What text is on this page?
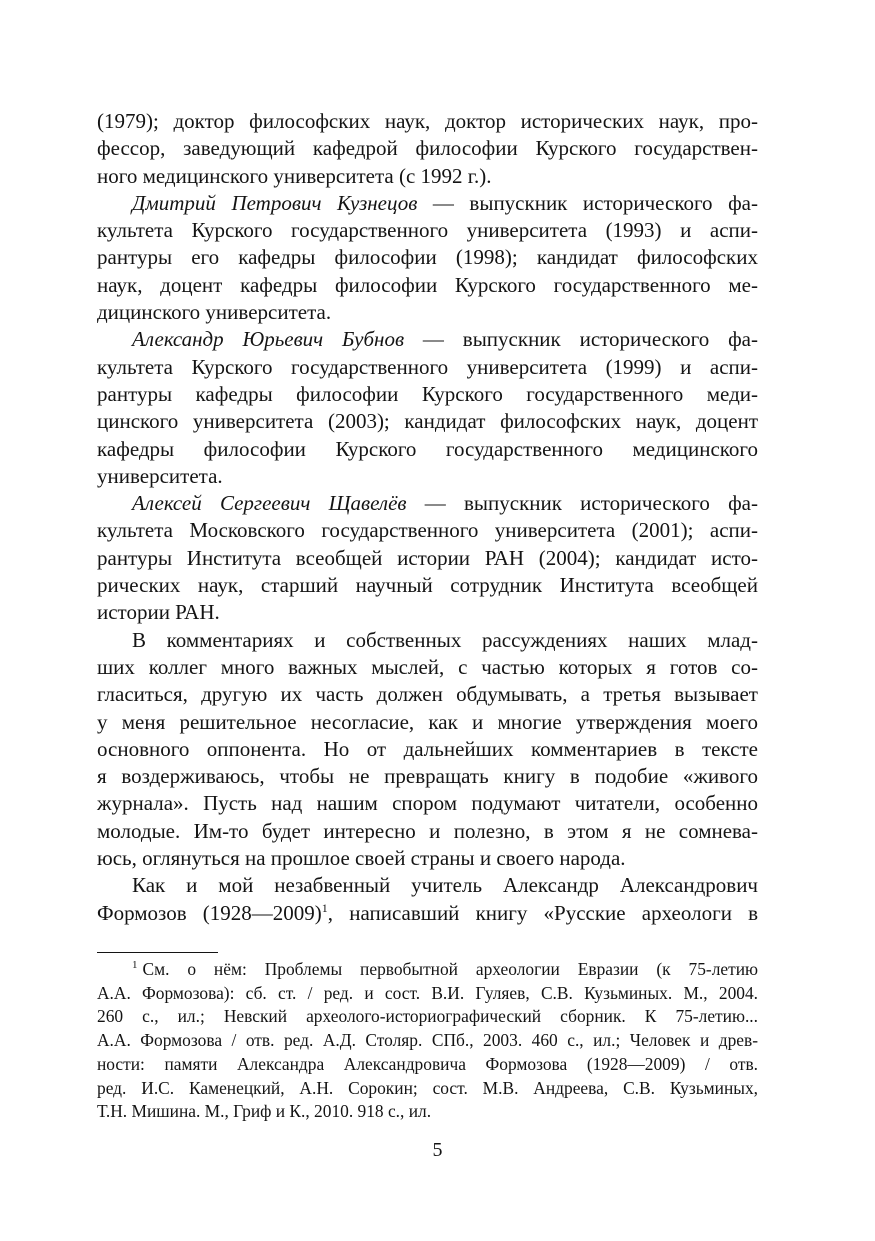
(1979); доктор философских наук, доктор исторических наук, про-
фессор, заведующий кафедрой философии Курского государствен-
ного медицинского университета (с 1992 г.).

Дмитрий Петрович Кузнецов — выпускник исторического фа-
культета Курского государственного университета (1993) и аспи-
рантуры его кафедры философии (1998); кандидат философских
наук, доцент кафедры философии Курского государственного ме-
дицинского университета.

Александр Юрьевич Бубнов — выпускник исторического фа-
культета Курского государственного университета (1999) и аспи-
рантуры кафедры философии Курского государственного меди-
цинского университета (2003); кандидат философских наук, доцент
кафедры философии Курского государственного медицинского
университета.

Алексей Сергеевич Щавелёв — выпускник исторического фа-
культета Московского государственного университета (2001); аспи-
рантуры Института всеобщей истории РАН (2004); кандидат исто-
рических наук, старший научный сотрудник Института всеобщей
истории РАН.

В комментариях и собственных рассуждениях наших млад-
ших коллег много важных мыслей, с частью которых я готов со-
гласиться, другую их часть должен обдумывать, а третья вызывает
у меня решительное несогласие, как и многие утверждения моего
основного оппонента. Но от дальнейших комментариев в тексте
я воздерживаюсь, чтобы не превращать книгу в подобие «живого
журнала». Пусть над нашим спором подумают читатели, особенно
молодые. Им-то будет интересно и полезно, в этом я не сомнева-
юсь, оглянуться на прошлое своей страны и своего народа.

Как и мой незабвенный учитель Александр Александрович
Формозов (1928—2009)$^1$, написавший книгу «Русские археологи в

$^1$ См. о нём: Проблемы первобытной археологии Евразии (к 75-летию
А.А. Формозова): сб. ст. / ред. и сост. В.И. Гуляев, С.В. Кузьминых. М., 2004.
260 с., ил.; Невский археолого-историографический сборник. К 75-летию...
А.А. Формозова / отв. ред. А.Д. Столяр. СПб., 2003. 460 с., ил.; Человек и древ-
ности: памяти Александра Александровича Формозова (1928—2009) / отв.
ред. И.С. Каменецкий, А.Н. Сорокин; сост. М.В. Андреева, С.В. Кузьминых,
Т.Н. Мишина. М., Гриф и К., 2010. 918 с., ил.

5
